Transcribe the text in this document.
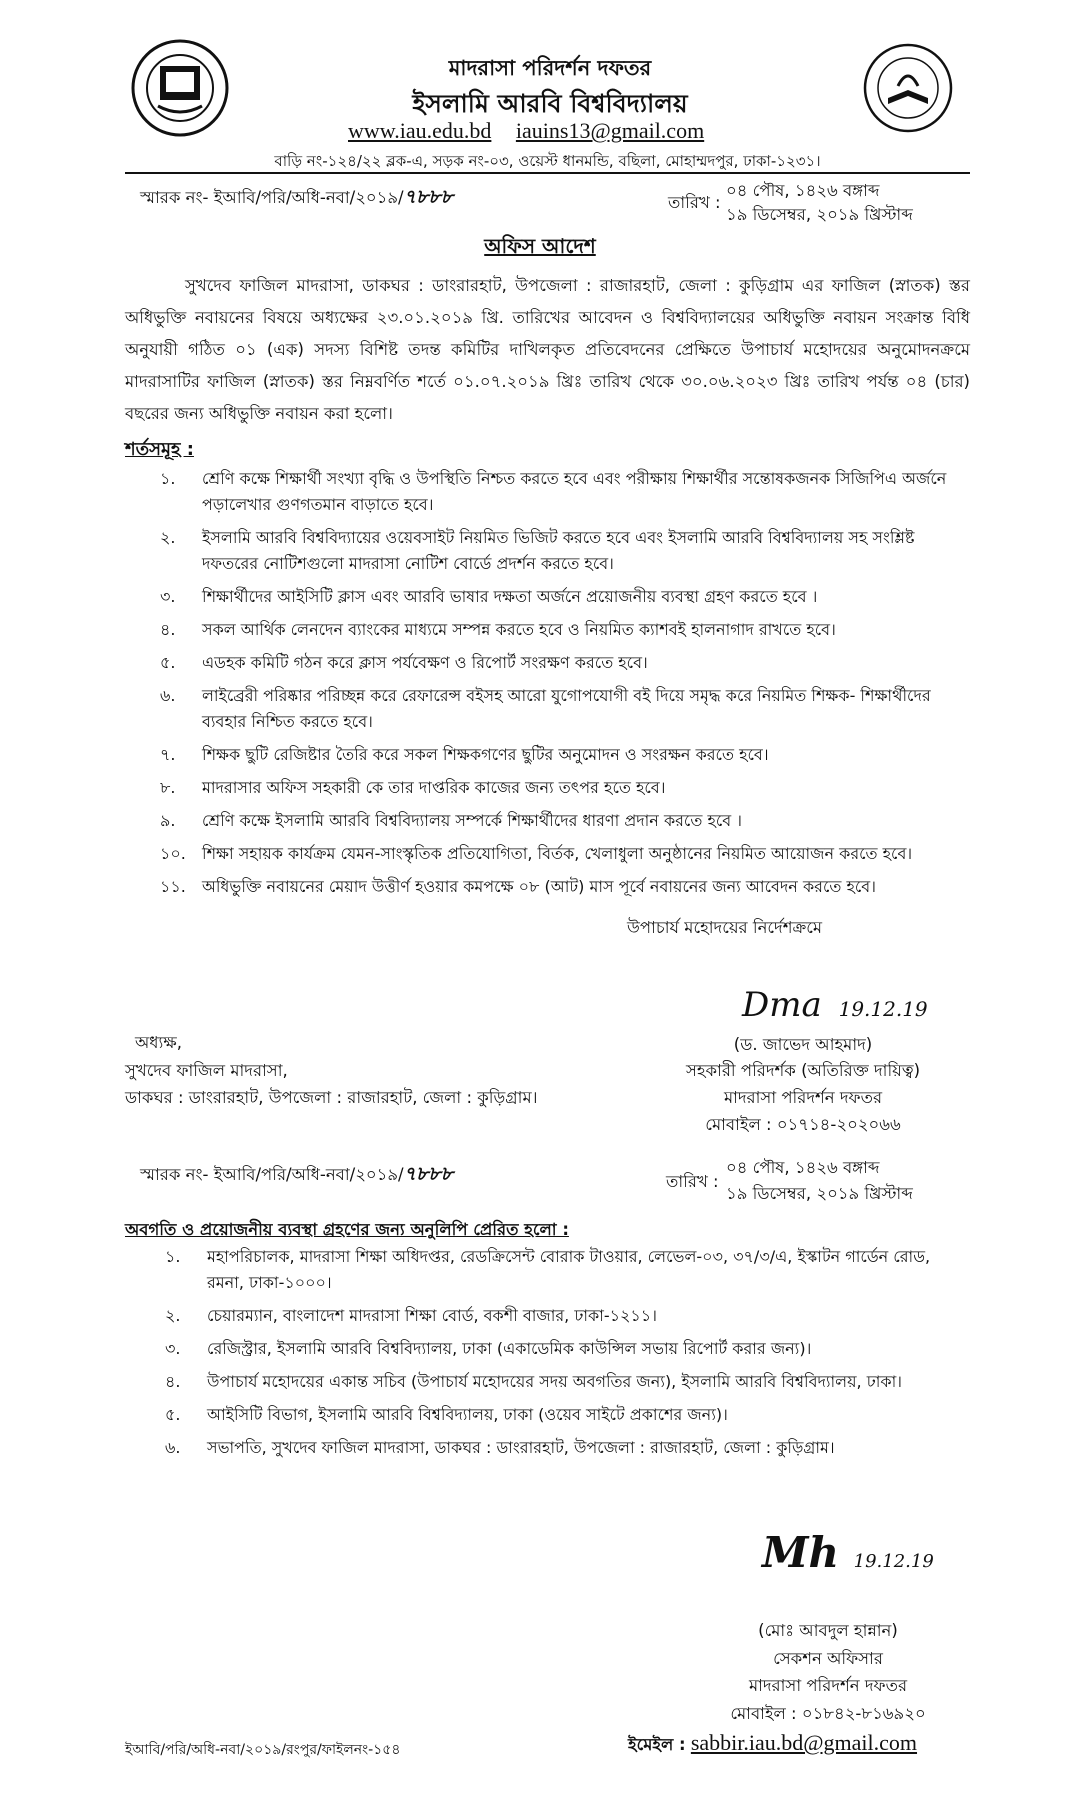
মাদরাসা পরিদর্শন দফতর
ইসলামি আরবি বিশ্ববিদ্যালয়
www.iau.edu.bd iauins13@gmail.com
বাড়ি নং-১২৪/২২ ব্লক-এ, সড়ক নং-০৩, ওয়েস্ট ধানমন্ডি, বছিলা, মোহাম্মদপুর, ঢাকা-১২৩১।
স্মারক নং- ইআবি/পরি/অধি-নবা/২০১৯/৭৮৮৮	তারিখ :
০৪ পৌষ, ১৪২৬ বঙ্গাব্দ
১৯ ডিসেম্বর, ২০১৯ খ্রিস্টাব্দ
অফিস আদেশ
সুখদেব ফাজিল মাদরাসা, ডাকঘর : ডাংরারহাট, উপজেলা : রাজারহাট, জেলা : কুড়িগ্রাম এর ফাজিল (স্নাতক) স্তর অধিভুক্তি নবায়নের বিষয়ে অধ্যক্ষের ২৩.০১.২০১৯ খ্রি. তারিখের আবেদন ও বিশ্ববিদ্যালয়ের অধিভুক্তি নবায়ন সংক্রান্ত বিধি অনুযায়ী গঠিত ০১ (এক) সদস্য বিশিষ্ট তদন্ত কমিটির দাখিলকৃত প্রতিবেদনের প্রেক্ষিতে উপাচার্য মহোদয়ের অনুমোদনক্রমে মাদরাসাটির ফাজিল (স্নাতক) স্তর নিম্নবর্ণিত শর্তে ০১.০৭.২০১৯ খ্রিঃ তারিখ থেকে ৩০.০৬.২০২৩ খ্রিঃ তারিখ পর্যন্ত ০৪ (চার) বছরের জন্য অধিভুক্তি নবায়ন করা হলো।
শর্তসমূহ :
১. শ্রেণি কক্ষে শিক্ষার্থী সংখ্যা বৃদ্ধি ও উপস্থিতি নিশ্চত করতে হবে এবং পরীক্ষায় শিক্ষার্থীর সন্তোষকজনক সিজিপিএ অর্জনে পড়ালেখার গুণগতমান বাড়াতে হবে।
২. ইসলামি আরবি বিশ্ববিদ্যায়ের ওয়েবসাইট নিয়মিত ভিজিট করতে হবে এবং ইসলামি আরবি বিশ্ববিদ্যালয় সহ সংশ্লিষ্ট দফতরের নোটিশগুলো মাদরাসা নোটিশ বোর্ডে প্রদর্শন করতে হবে।
৩. শিক্ষার্থীদের আইসিটি ক্লাস এবং আরবি ভাষার দক্ষতা অর্জনে প্রয়োজনীয় ব্যবস্থা গ্রহণ করতে হবে ।
৪. সকল আর্থিক লেনদেন ব্যাংকের মাধ্যমে সম্পন্ন করতে হবে ও নিয়মিত ক্যাশবই হালনাগাদ রাখতে হবে।
৫. এডহক কমিটি গঠন করে ক্লাস পর্যবেক্ষণ ও রিপোর্ট সংরক্ষণ করতে হবে।
৬. লাইব্রেরী পরিষ্কার পরিচ্ছন্ন করে রেফারেন্স বইসহ আরো যুগোপযোগী বই দিয়ে সমৃদ্ধ করে নিয়মিত শিক্ষক- শিক্ষার্থীদের ব্যবহার নিশ্চিত করতে হবে।
৭. শিক্ষক ছুটি রেজিষ্টার তৈরি করে সকল শিক্ষকগণের ছুটির অনুমোদন ও সংরক্ষন করতে হবে।
৮. মাদরাসার অফিস সহকারী কে তার দাপ্তরিক কাজের জন্য তৎপর হতে হবে।
৯. শ্রেণি কক্ষে ইসলামি আরবি বিশ্ববিদ্যালয় সম্পর্কে শিক্ষার্থীদের ধারণা প্রদান করতে হবে ।
১০. শিক্ষা সহায়ক কার্যক্রম যেমন-সাংস্কৃতিক প্রতিযোগিতা, বির্তক, খেলাধুলা অনুষ্ঠানের নিয়মিত আয়োজন করতে হবে।
১১. অধিভুক্তি নবায়নের মেয়াদ উত্তীর্ণ হওয়ার কমপক্ষে ০৮ (আট) মাস পূর্বে নবায়নের জন্য আবেদন করতে হবে।
উপাচার্য মহোদয়ের নির্দেশক্রমে
Dma 19.12.19
(ড. জাভেদ আহমাদ)
সহকারী পরিদর্শক (অতিরিক্ত দায়িত্ব)
মাদরাসা পরিদর্শন দফতর
মোবাইল : ০১৭১৪-২০২০৬৬
অধ্যক্ষ,
সুখদেব ফাজিল মাদরাসা,
ডাকঘর : ডাংরারহাট, উপজেলা : রাজারহাট, জেলা : কুড়িগ্রাম।
স্মারক নং- ইআবি/পরি/অধি-নবা/২০১৯/৭৮৮৮	তারিখ :
০৪ পৌষ, ১৪২৬ বঙ্গাব্দ
১৯ ডিসেম্বর, ২০১৯ খ্রিস্টাব্দ
অবগতি ও প্রয়োজনীয় ব্যবস্থা গ্রহণের জন্য অনুলিপি প্রেরিত হলো :
১. মহাপরিচালক, মাদরাসা শিক্ষা অধিদপ্তর, রেডক্রিসেন্ট বোরাক টাওয়ার, লেভেল-০৩, ৩৭/৩/এ, ইস্কাটন গার্ডেন রোড, রমনা, ঢাকা-১০০০।
২. চেয়ারম্যান, বাংলাদেশ মাদরাসা শিক্ষা বোর্ড, বকশী বাজার, ঢাকা-১২১১।
৩. রেজিস্ট্রার, ইসলামি আরবি বিশ্ববিদ্যালয়, ঢাকা (একাডেমিক কাউন্সিল সভায় রিপোর্ট করার জন্য)।
৪. উপাচার্য মহোদয়ের একান্ত সচিব (উপাচার্য মহোদয়ের সদয় অবগতির জন্য), ইসলামি আরবি বিশ্ববিদ্যালয়, ঢাকা।
৫. আইসিটি বিভাগ, ইসলামি আরবি বিশ্ববিদ্যালয়, ঢাকা (ওয়েব সাইটে প্রকাশের জন্য)।
৬. সভাপতি, সুখদেব ফাজিল মাদরাসা, ডাকঘর : ডাংরারহাট, উপজেলা : রাজারহাট, জেলা : কুড়িগ্রাম।
Mh 19.12.19
(মোঃ আবদুল হান্নান)
সেকশন অফিসার
মাদরাসা পরিদর্শন দফতর
মোবাইল : ০১৮৪২-৮১৬৯২০
ইমেইল : sabbir.iau.bd@gmail.com
ইআবি/পরি/অধি-নবা/২০১৯/রংপুর/ফাইলনং-১৫৪
